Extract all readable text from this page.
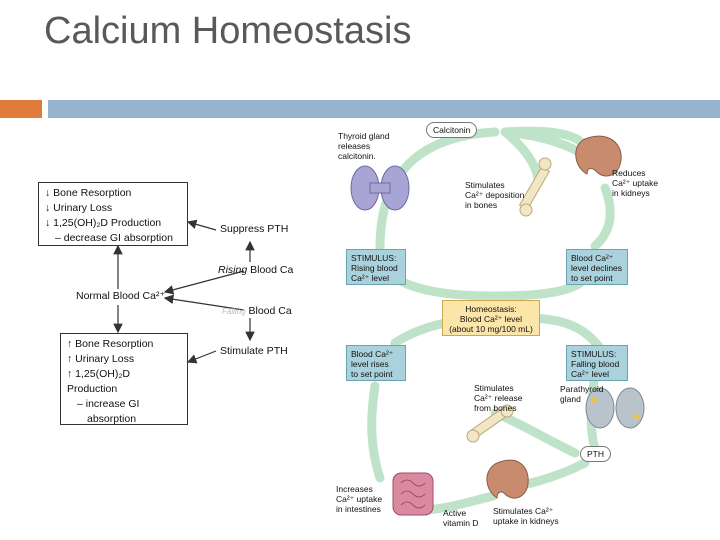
Calcium Homeostasis
↓ Bone Resorption
↓ Urinary Loss
↓ 1,25(OH)₂D Production
– decrease GI absorption
↑ Bone Resorption
↑ Urinary Loss
↑ 1,25(OH)₂D Production
– increase GI
absorption
Suppress PTH
Rising Blood Ca
Normal Blood Ca²⁺
Falling Blood Ca
Stimulate PTH
Thyroid gland
releases
calcitonin.
Calcitonin
Stimulates
Ca²⁺ deposition
in bones
Reduces
Ca²⁺ uptake
in kidneys
STIMULUS:
Rising blood
Ca²⁺ level
Blood Ca²⁺
level declines
to set point
Homeostasis:
Blood Ca²⁺ level
(about 10 mg/100 mL)
Blood Ca²⁺
level rises
to set point
STIMULUS:
Falling blood
Ca²⁺ level
Stimulates
Ca²⁺ release
from bones
Parathyroid
gland
PTH
Increases
Ca²⁺ uptake
in intestines	Active
vitamin D
Stimulates Ca²⁺
uptake in kidneys
